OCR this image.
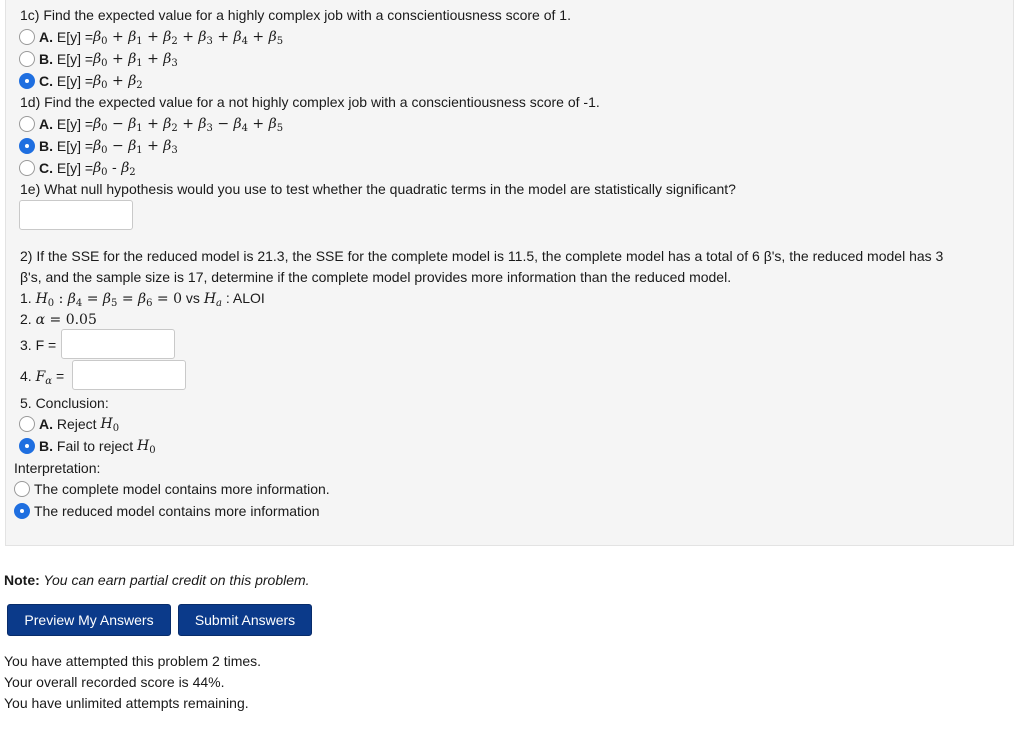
1c) Find the expected value for a highly complex job with a conscientiousness score of 1.
A.
$E[y] = \beta_0 + \beta_1 + \beta_2 + \beta_3 + \beta_4 + \beta_5$
B.
$E[y] = \beta_0 + \beta_1 + \beta_3$
C.
$E[y] = \beta_0 + \beta_2$
1d) Find the expected value for a not highly complex job with a conscientiousness score of -1.
A.
$E[y] = \beta_0 - \beta_1 + \beta_2 + \beta_3 - \beta_4 + \beta_5$
B.
$E[y] = \beta_0 - \beta_1 + \beta_3$
C.
$E[y] = \beta_0 - \beta_2$
1e) What null hypothesis would you use to test whether the quadratic terms in the model are statistically significant?
2) If the SSE for the reduced model is 21.3, the SSE for the complete model is 11.5, the complete model has a total of 6 β's, the reduced model has 3
β's, and the sample size is 17, determine if the complete model provides more information than the reduced model.
1. $H_0$ : $\beta_4 = \beta_5 = \beta_6 = 0$ vs $H_a$ : ALOI
2. α = 0.05
3. F =
4. $F_\alpha$ =
5. Conclusion:
A. Reject $H_0$
B. Fail to reject $H_0$
Interpretation:
The complete model contains more information.
The reduced model contains more information
Note: You can earn partial credit on this problem.
Preview My Answers	Submit Answers
You have attempted this problem 2 times.
Your overall recorded score is 44%.
You have unlimited attempts remaining.
